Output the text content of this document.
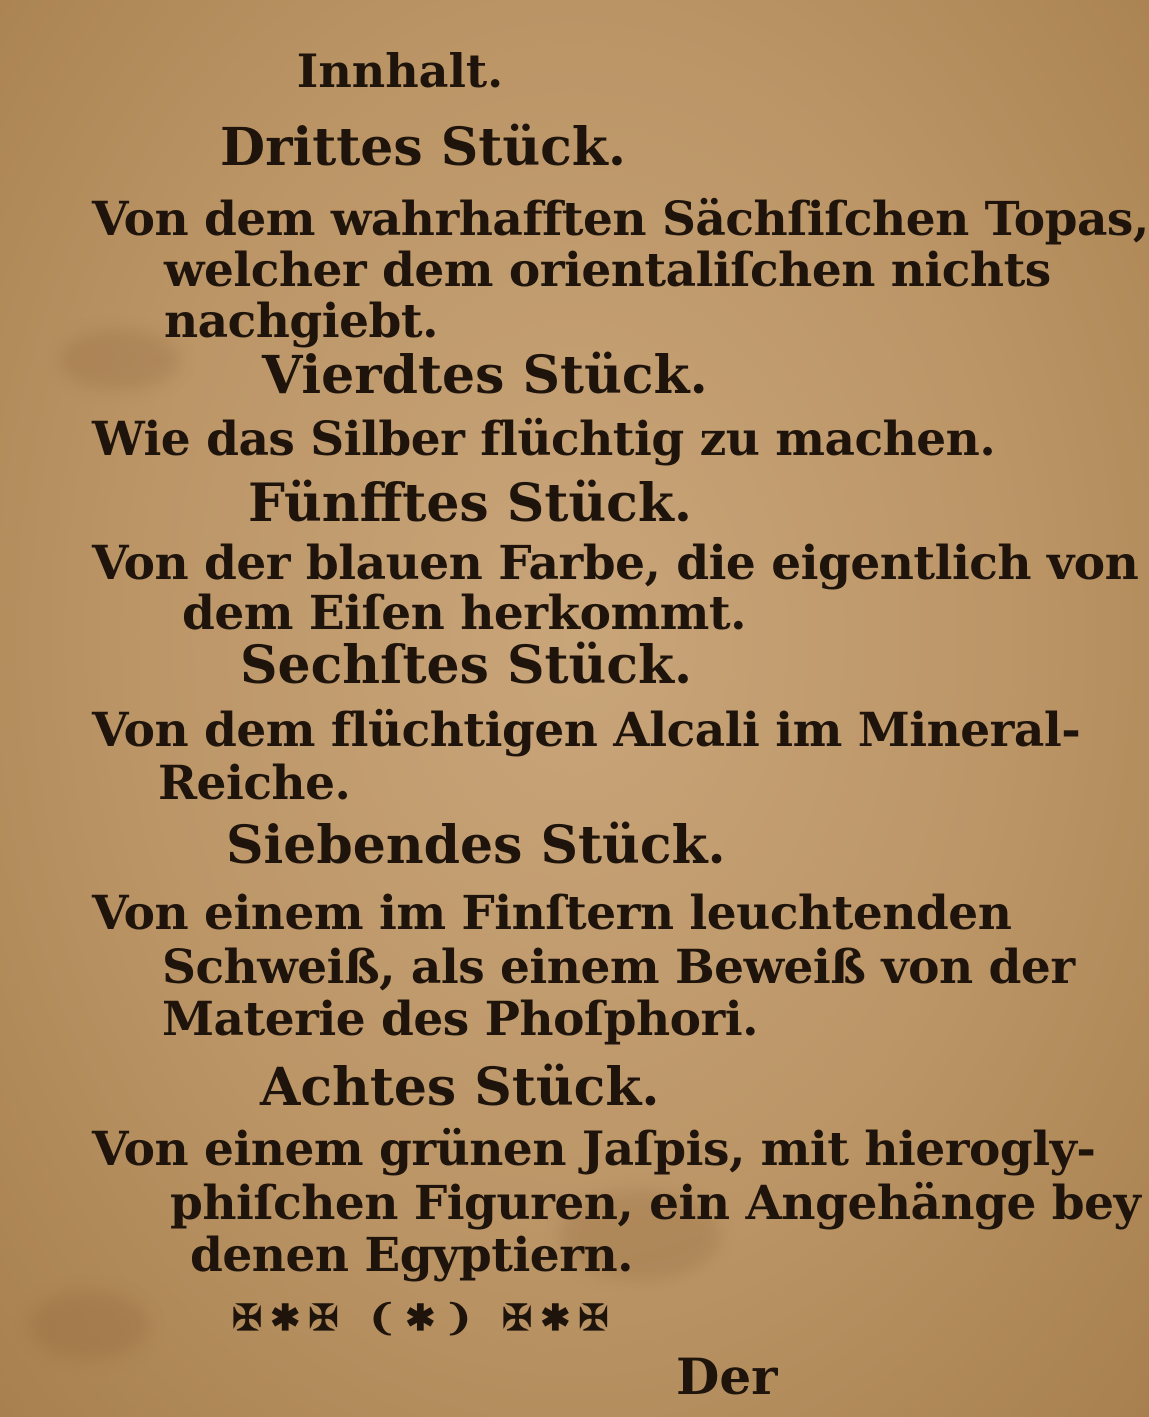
Innhalt.
Drittes Stück.
Von dem wahrhafften Sächſiſchen Topas,
welcher dem orientaliſchen nichts
nachgiebt.
Vierdtes Stück.
Wie das Silber flüchtig zu machen.
Fünfftes Stück.
Von der blauen Farbe, die eigentlich von
dem Eiſen herkommt.
Sechſtes Stück.
Von dem flüchtigen Alcali im Mineral-
Reiche.
Siebendes Stück.
Von einem im Finſtern leuchtenden
Schweiß, als einem Beweiß von der
Materie des Phoſphori.
Achtes Stück.
Von einem grünen Jaſpis, mit hierogly-
phiſchen Figuren, ein Angehänge bey
denen Egyptiern.
✠✱✠ ❨✱❩ ✠✱✠
Der
